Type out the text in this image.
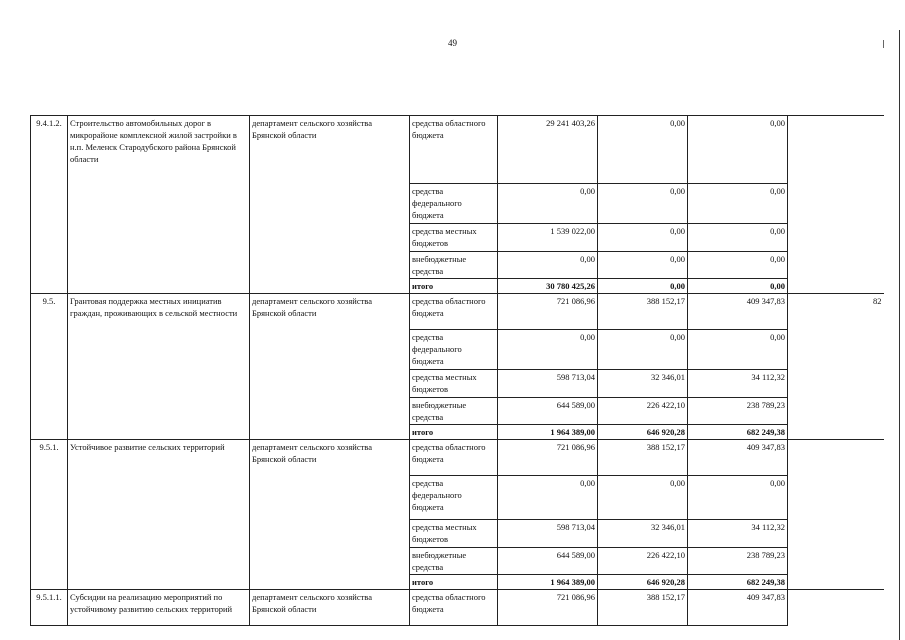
49
9.4.1.2.	Строительство автомобильных дорог в микрорайоне комплексной жилой застройки в н.п. Меленск Стародубского района Брянской области	департамент сельского хозяйства Брянской области	средства областного бюджета	29 241 403,26	0,00	0,00	
			средства федерального бюджета	0,00	0,00	0,00	
			средства местных бюджетов	1 539 022,00	0,00	0,00	
			внебюджетные средства	0,00	0,00	0,00	
			итого	30 780 425,26	0,00	0,00	
9.5.	Грантовая поддержка местных инициатив граждан, проживающих в сельской местности	департамент сельского хозяйства Брянской области	средства областного бюджета	721 086,96	388 152,17	409 347,83	82
			средства федерального бюджета	0,00	0,00	0,00	
			средства местных бюджетов	598 713,04	32 346,01	34 112,32	
			внебюджетные средства	644 589,00	226 422,10	238 789,23	
			итого	1 964 389,00	646 920,28	682 249,38	
9.5.1.	Устойчивое развитие сельских территорий	департамент сельского хозяйства Брянской области	средства областного бюджета	721 086,96	388 152,17	409 347,83	
			средства федерального бюджета	0,00	0,00	0,00	
			средства местных бюджетов	598 713,04	32 346,01	34 112,32	
			внебюджетные средства	644 589,00	226 422,10	238 789,23	
			итого	1 964 389,00	646 920,28	682 249,38	
9.5.1.1.	Субсидии на реализацию мероприятий по устойчивому развитию сельских территорий	департамент сельского хозяйства Брянской области	средства областного бюджета	721 086,96	388 152,17	409 347,83	
